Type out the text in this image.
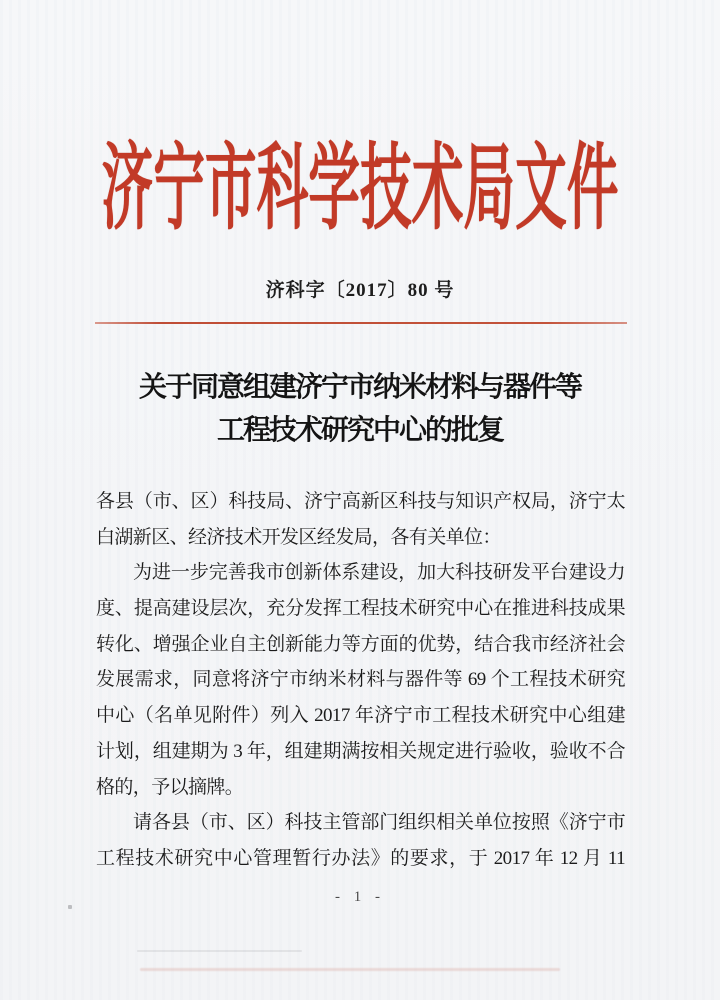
济宁市科学技术局文件
济科字〔2017〕80 号
关于同意组建济宁市纳米材料与器件等
工程技术研究中心的批复
各县（市、区）科技局、济宁高新区科技与知识产权局，济宁太
白湖新区、经济技术开发区经发局，各有关单位：
为进一步完善我市创新体系建设，加大科技研发平台建设力
度、提高建设层次，充分发挥工程技术研究中心在推进科技成果
转化、增强企业自主创新能力等方面的优势，结合我市经济社会
发展需求，同意将济宁市纳米材料与器件等 69 个工程技术研究
中心（名单见附件）列入 2017 年济宁市工程技术研究中心组建
计划，组建期为 3 年，组建期满按相关规定进行验收，验收不合
格的，予以摘牌。
请各县（市、区）科技主管部门组织相关单位按照《济宁市
工程技术研究中心管理暂行办法》的要求，于 2017 年 12 月 11
- 1 -
